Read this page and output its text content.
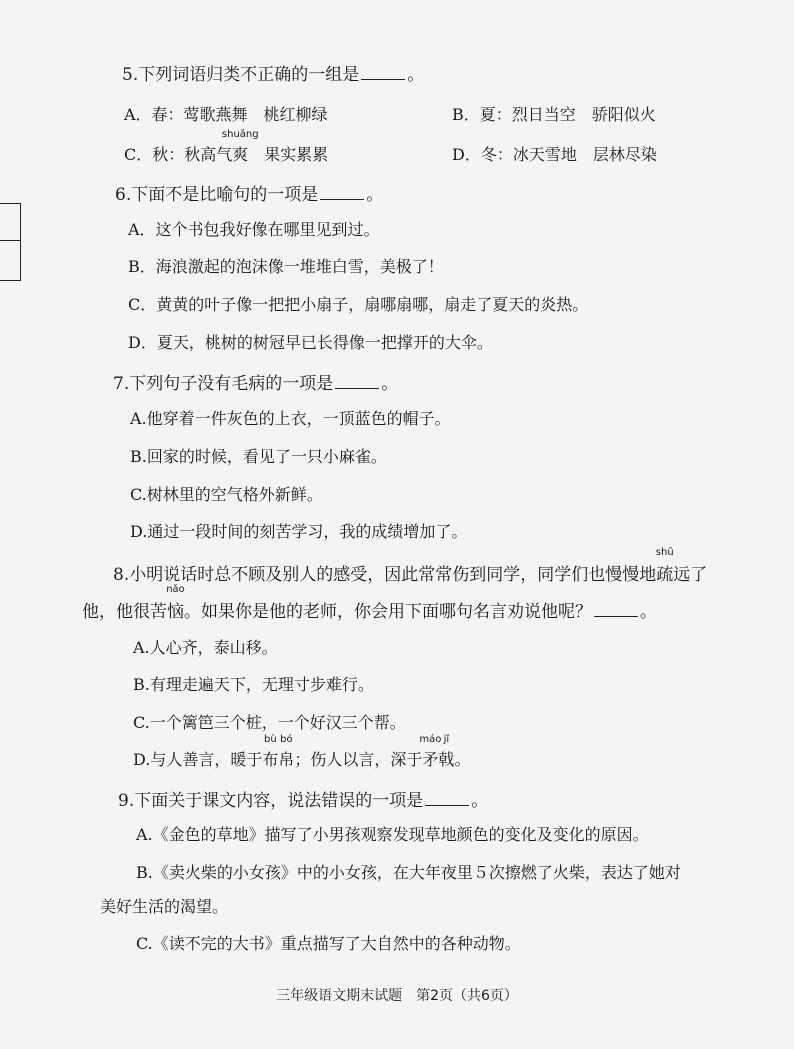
5.下列词语归类不正确的一组是	。
A．春：莺歌燕舞　桃红柳绿	B．夏：烈日当空　骄阳似火
C．秋：秋高气
shuǎng
爽　果实累累	D．冬：冰天雪地　层林尽染
6.下面不是比喻句的一项是	。
A．这个书包我好像在哪里见到过。
B．海浪激起的泡沫像一堆堆白雪，美极了！
C．黄黄的叶子像一把把小扇子，扇哪扇哪，扇走了夏天的炎热。
D．夏天，桃树的树冠早已长得像一把撑开的大伞。
7.下列句子没有毛病的一项是	。
A.他穿着一件灰色的上衣，一顶蓝色的帽子。
B.回家的时候，看见了一只小麻雀。
C.树林里的空气格外新鲜。
D.通过一段时间的刻苦学习，我的成绩增加了。
8.小明说话时总不顾及别人的感受，因此常常伤到同学，同学们也慢慢地
shū
疏远了
他，他很苦
nǎo
恼。如果你是他的老师，你会用下面哪句名言劝说他呢？	。
A.人心齐，泰山移。
B.有理走遍天下，无理寸步难行。
C.一个篱笆三个桩，一个好汉三个帮。
D.与人善言，暖于
bù
布
bó
帛；伤人以言，深于
máo
矛
jǐ
戟。
9.下面关于课文内容，说法错误的一项是	。
A.《金色的草地》描写了小男孩观察发现草地颜色的变化及变化的原因。
B.《卖火柴的小女孩》中的小女孩，在大年夜里５次擦燃了火柴，表达了她对
美好生活的渴望。
C.《读不完的大书》重点描写了大自然中的各种动物。
三年级语文期末试题　第2页（共6页）
